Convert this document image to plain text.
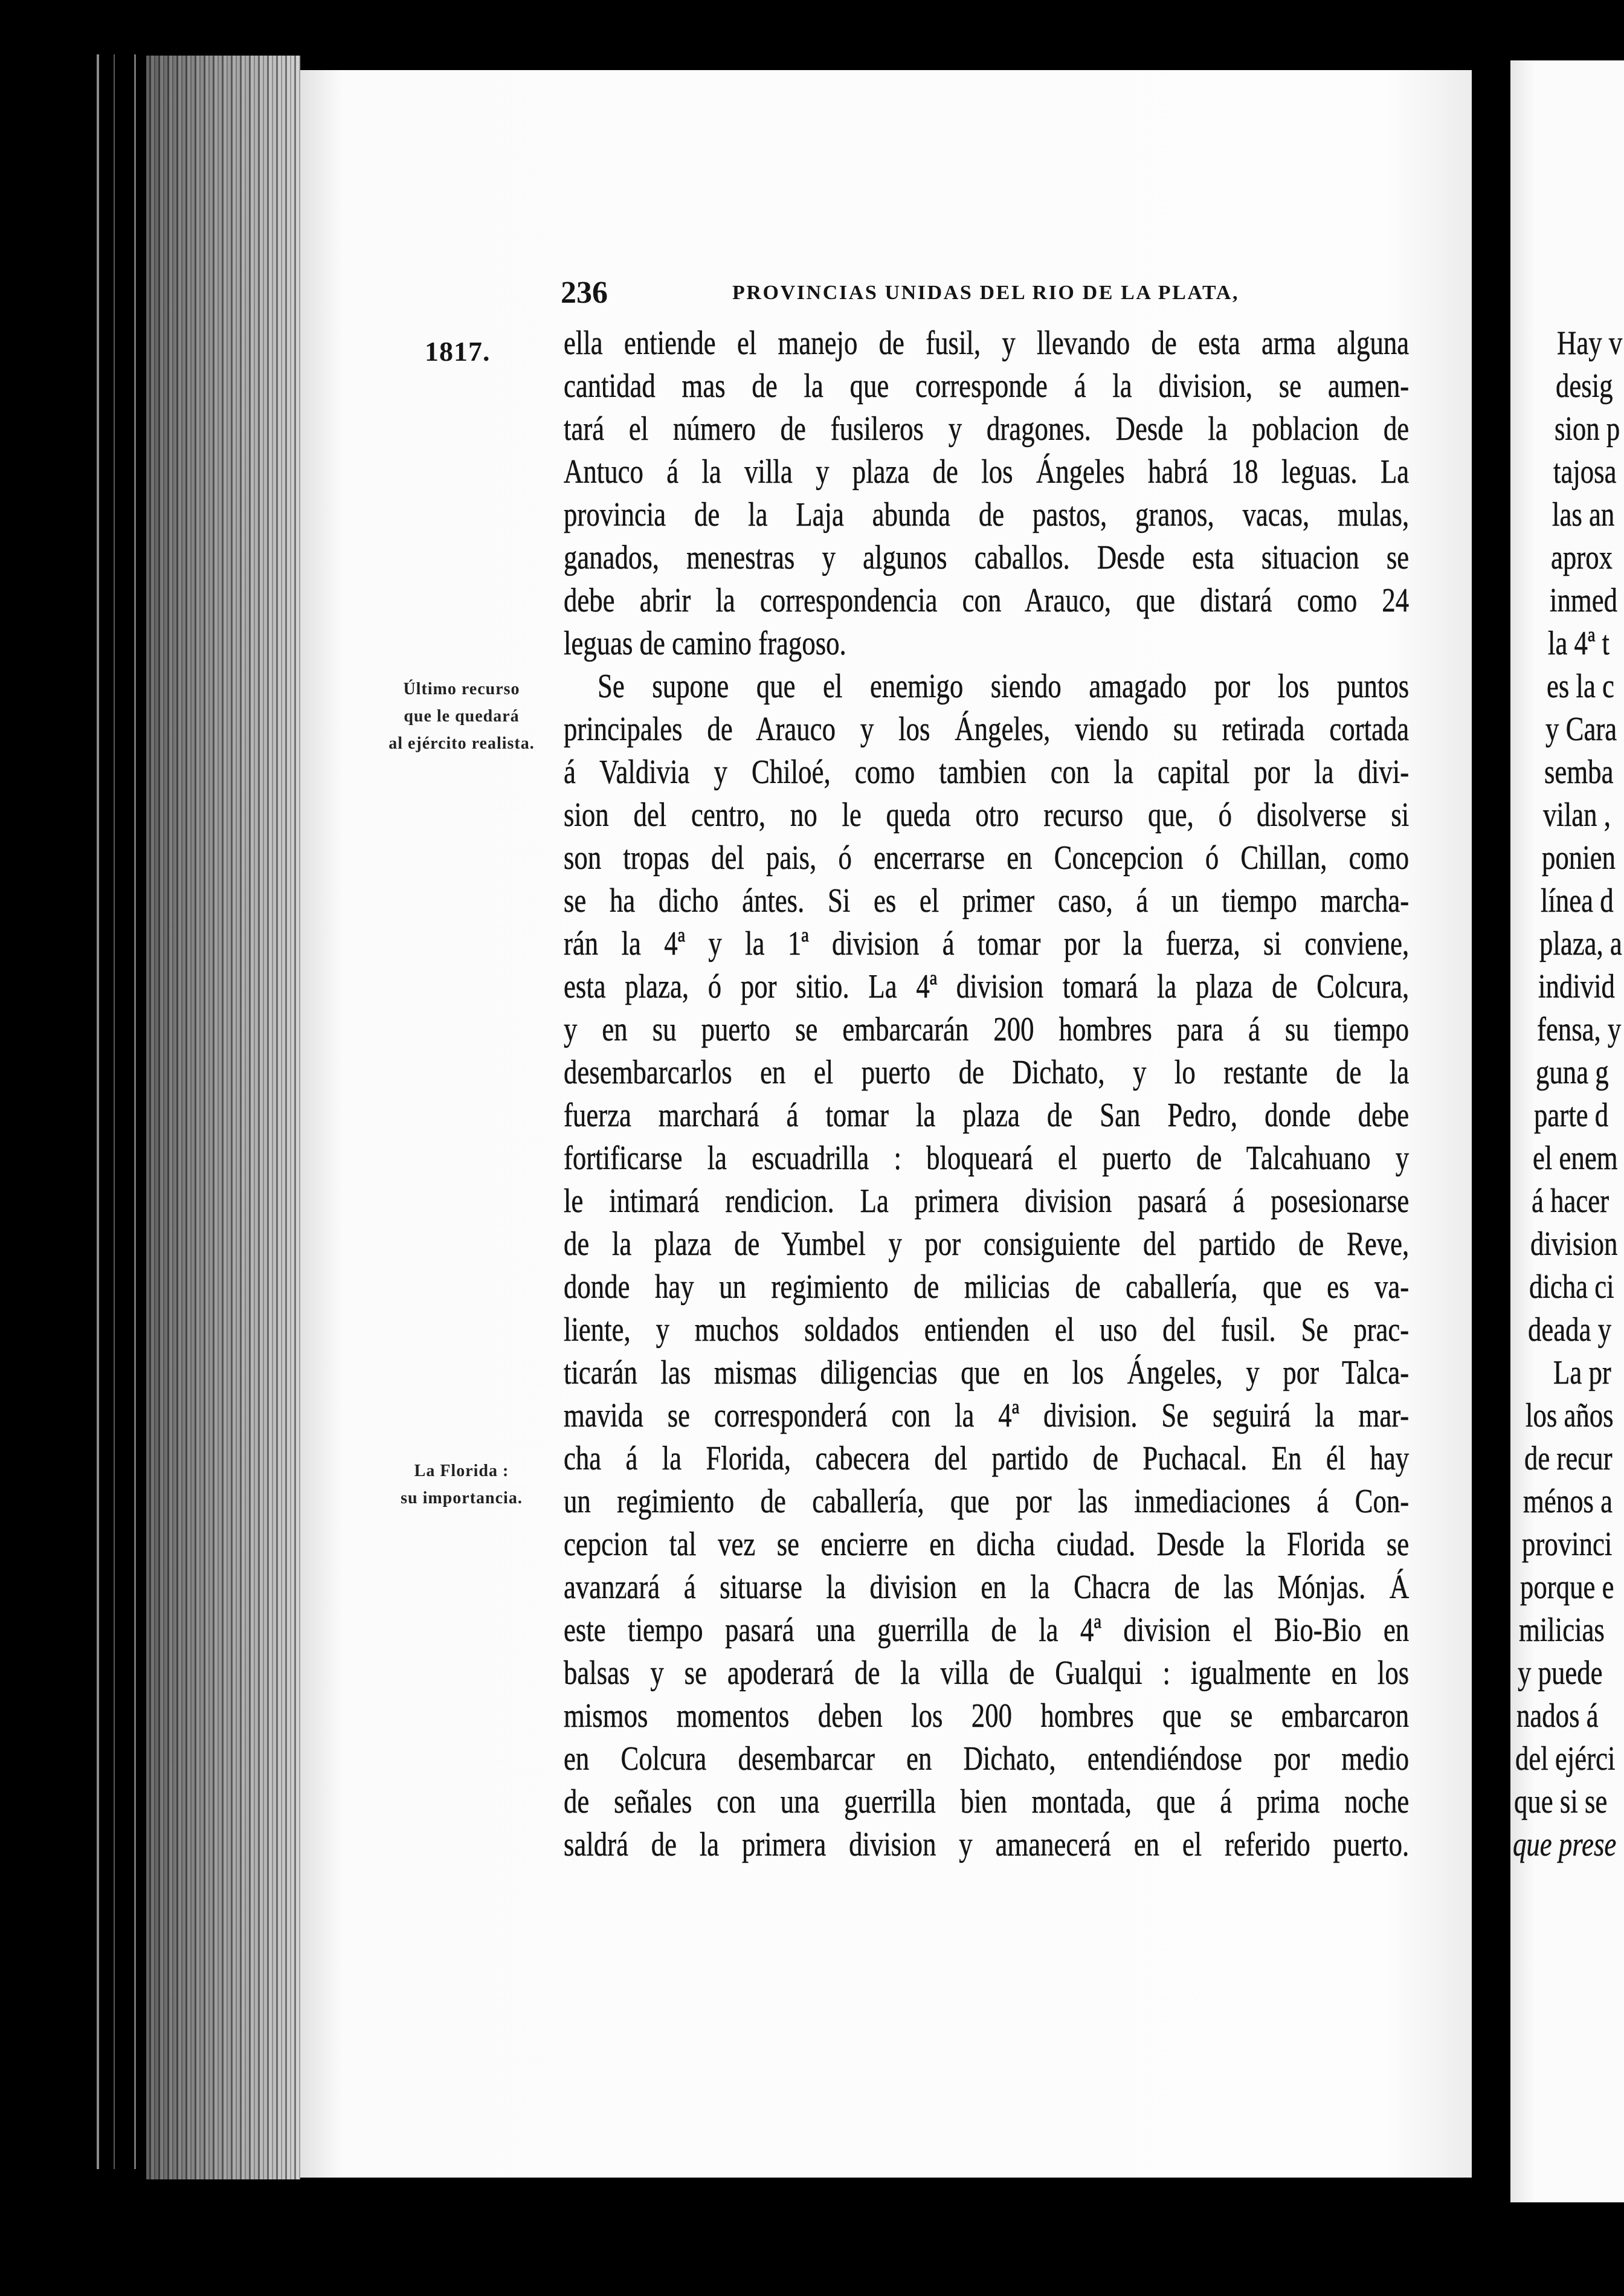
236	PROVINCIAS UNIDAS DEL RIO DE LA PLATA,
1817.
Último recurso
que le quedará
al ejército realista.
La Florida :
su importancia.
ella entiende el manejo de fusil, y llevando de esta arma alguna
cantidad mas de la que corresponde á la division, se aumen-
tará el número de fusileros y dragones. Desde la poblacion de
Antuco á la villa y plaza de los Ángeles habrá 18 leguas. La
provincia de la Laja abunda de pastos, granos, vacas, mulas,
ganados, menestras y algunos caballos. Desde esta situacion se
debe abrir la correspondencia con Arauco, que distará como 24
leguas de camino fragoso.
Se supone que el enemigo siendo amagado por los puntos
principales de Arauco y los Ángeles, viendo su retirada cortada
á Valdivia y Chiloé, como tambien con la capital por la divi-
sion del centro, no le queda otro recurso que, ó disolverse si
son tropas del pais, ó encerrarse en Concepcion ó Chillan, como
se ha dicho ántes. Si es el primer caso, á un tiempo marcha-
rán la 4ª y la 1ª division á tomar por la fuerza, si conviene,
esta plaza, ó por sitio. La 4ª division tomará la plaza de Colcura,
y en su puerto se embarcarán 200 hombres para á su tiempo
desembarcarlos en el puerto de Dichato, y lo restante de la
fuerza marchará á tomar la plaza de San Pedro, donde debe
fortificarse la escuadrilla : bloqueará el puerto de Talcahuano y
le intimará rendicion. La primera division pasará á posesionarse
de la plaza de Yumbel y por consiguiente del partido de Reve,
donde hay un regimiento de milicias de caballería, que es va-
liente, y muchos soldados entienden el uso del fusil. Se prac-
ticarán las mismas diligencias que en los Ángeles, y por Talca-
mavida se corresponderá con la 4ª division. Se seguirá la mar-
cha á la Florida, cabecera del partido de Puchacal. En él hay
un regimiento de caballería, que por las inmediaciones á Con-
cepcion tal vez se encierre en dicha ciudad. Desde la Florida se
avanzará á situarse la division en la Chacra de las Mónjas. Á
este tiempo pasará una guerrilla de la 4ª division el Bio-Bio en
balsas y se apoderará de la villa de Gualqui : igualmente en los
mismos momentos deben los 200 hombres que se embarcaron
en Colcura desembarcar en Dichato, entendiéndose por medio
de señales con una guerrilla bien montada, que á prima noche
saldrá de la primera division y amanecerá en el referido puerto.
Hay v
desig
sion p
tajosa
las an
aprox
inmed
la 4ª t
es la c
y Cara
semba
vilan ,
ponien
línea d
plaza, a
individ
fensa, y
guna g
parte d
el enem
á hacer
division
dicha ci
deada y
La pr
los años
de recur
ménos a
provinci
porque e
milicias
y puede
nados á
del ejérci
que si se
que prese
